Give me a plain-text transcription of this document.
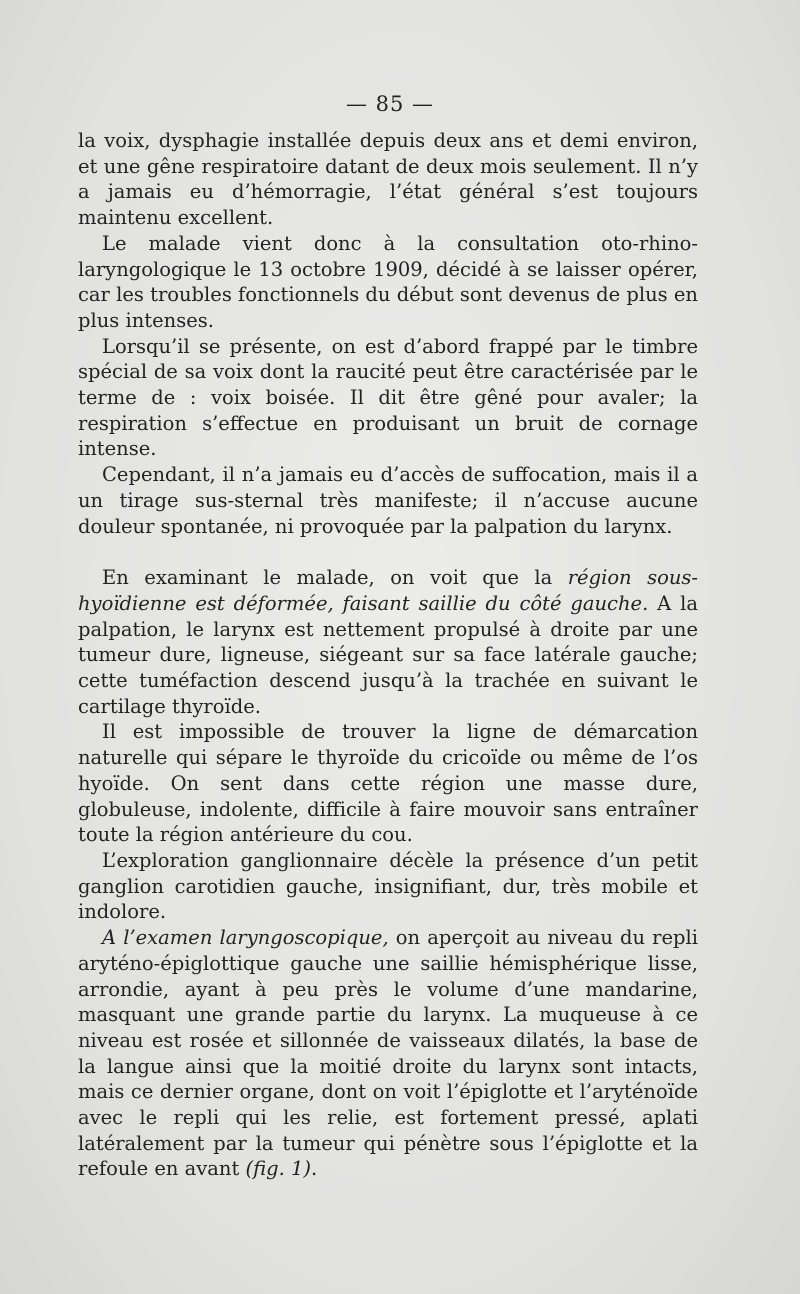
— 85 —

la voix, dysphagie installée depuis deux ans et demi environ, et une gêne respiratoire datant de deux mois seulement. Il n’y a jamais eu d’hémorragie, l’état général s’est toujours maintenu excellent.

Le malade vient donc à la consultation oto-rhino-laryngologique le 13 octobre 1909, décidé à se laisser opérer, car les troubles fonctionnels du début sont devenus de plus en plus intenses.

Lorsqu’il se présente, on est d’abord frappé par le timbre spécial de sa voix dont la raucité peut être caractérisée par le terme de : voix boisée. Il dit être gêné pour avaler; la respiration s’effectue en produisant un bruit de cornage intense.

Cependant, il n’a jamais eu d’accès de suffocation, mais il a un tirage sus-sternal très manifeste; il n’accuse aucune douleur spontanée, ni provoquée par la palpation du larynx.

En examinant le malade, on voit que la région sous-hyoïdienne est déformée, faisant saillie du côté gauche. A la palpation, le larynx est nettement propulsé à droite par une tumeur dure, ligneuse, siégeant sur sa face latérale gauche; cette tuméfaction descend jusqu’à la trachée en suivant le cartilage thyroïde.

Il est impossible de trouver la ligne de démarcation naturelle qui sépare le thyroïde du cricoïde ou même de l’os hyoïde. On sent dans cette région une masse dure, globuleuse, indolente, difficile à faire mouvoir sans entraîner toute la région antérieure du cou.

L’exploration ganglionnaire décèle la présence d’un petit ganglion carotidien gauche, insignifiant, dur, très mobile et indolore.

A l’examen laryngoscopique, on aperçoit au niveau du repli aryténo-épiglottique gauche une saillie hémisphérique lisse, arrondie, ayant à peu près le volume d’une mandarine, masquant une grande partie du larynx. La muqueuse à ce niveau est rosée et sillonnée de vaisseaux dilatés, la base de la langue ainsi que la moitié droite du larynx sont intacts, mais ce dernier organe, dont on voit l’épiglotte et l’aryténoïde avec le repli qui les relie, est fortement pressé, aplati latéralement par la tumeur qui pénètre sous l’épiglotte et la refoule en avant (fig. 1).
